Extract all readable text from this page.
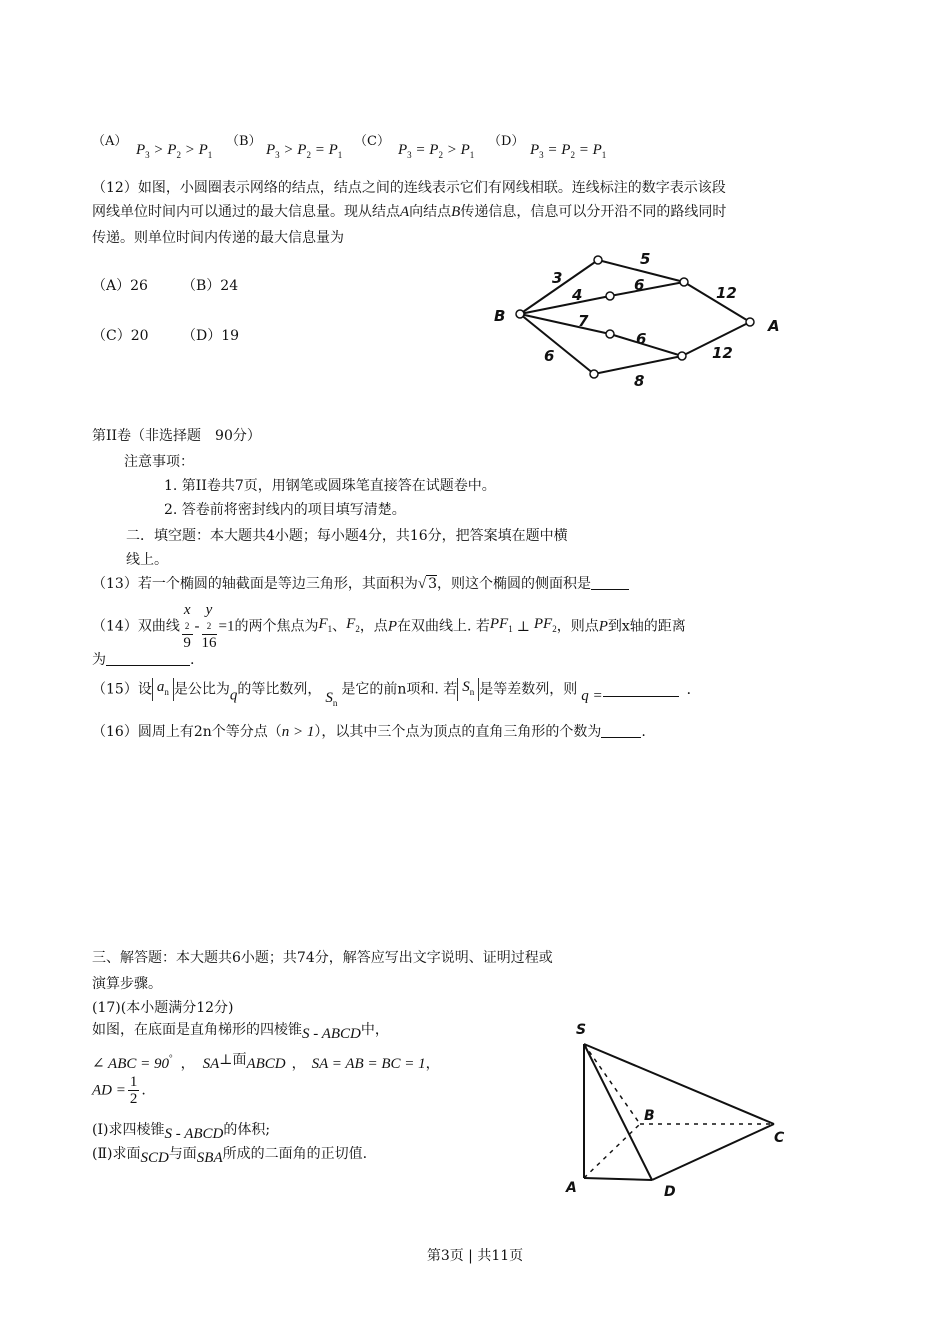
（A）
$P_3 > P_2 > P_1$
（B）
$P_3 > P_2 = P_1$
（C）
$P_3 = P_2 > P_1$
（D）
$P_3 = P_2 = P_1$
（12）如图，小圆圈表示网络的结点，结点之间的连线表示它们有网线相联。连线标注的数字表示该段
网线单位时间内可以通过的最大信息量。现从结点A向结点B传递信息，信息可以分开沿不同的路线同时
传递。则单位时间内传递的最大信息量为
（A）26 （B）24
（C）20 （D）19
B
A
3
5
4
6	12
7
6
12
6
8
第II卷（非选择题　90分）
注意事项：
1. 第II卷共7页，用钢笔或圆珠笔直接答在试题卷中。
2. 答卷前将密封线内的项目填写清楚。
二．填空题：本大题共4小题；每小题4分，共16分，把答案填在题中横
线上。
（13）若一个椭圆的轴截面是等边三角形，其面积为√ 3，则这个椭圆的侧面积是
（14）双曲线 x
2
9 - y
2
16 =1的两个焦点为$F_1$、$F_2$，点P在双曲线上. 若$PF_1$ ⊥ $PF_2$，则点P到x轴的距离
为	.
（15）设 $a_n$ 是公比为q的等比数列， $S_n$是它的前n项和. 若 $S_n$ 是等差数列，则 q =	．
（16）圆周上有2n个等分点（n > 1），以其中三个点为顶点的直角三角形的个数为	.
三、解答题：本大题共6小题；共74分，解答应写出文字说明、证明过程或
演算步骤。
(17)(本小题满分12分)
如图，在底面是直角梯形的四棱锥S - ABCD中，
∠ ABC = 90° ， SA⊥面ABCD ， SA = AB = BC = 1，
AD = $\frac{1}{2}$ .
(Ⅰ)求四棱锥S - ABCD的体积;
(Ⅱ)求面SCD与面SBA所成的二面角的正切值.
S
A
B
C
D
第3页 | 共11页
